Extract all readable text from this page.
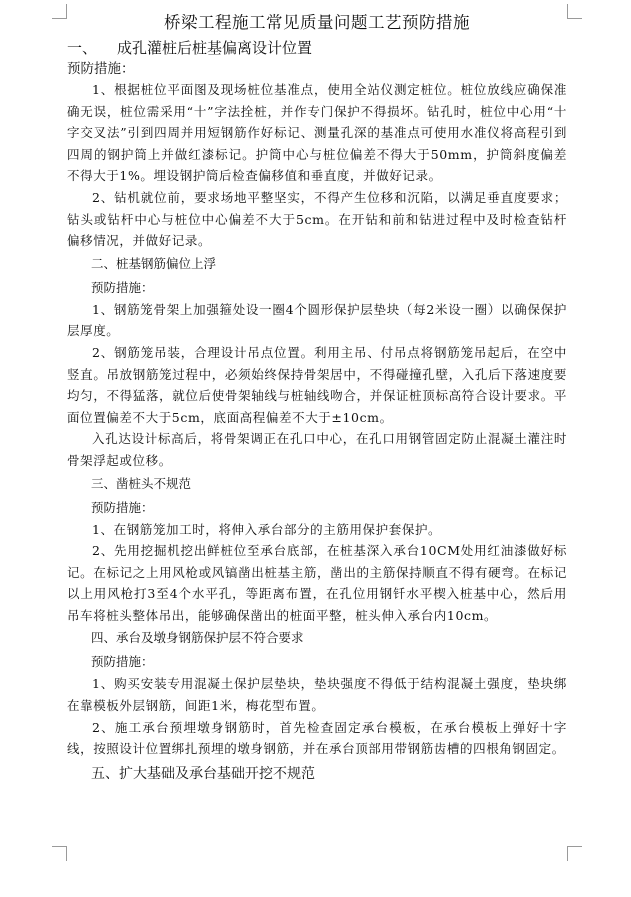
桥梁工程施工常见质量问题工艺预防措施
一、 成孔灌桩后桩基偏离设计位置
预防措施：

1、根据桩位平面图及现场桩位基准点，使用全站仪测定桩位。桩位放线应确保准确无误，桩位需采用“十”字法拴桩，并作专门保护不得损坏。钻孔时，桩位中心用“十字交叉法”引到四周并用短钢筋作好标记、测量孔深的基准点可使用水准仪将高程引到四周的钢护筒上并做红漆标记。护筒中心与桩位偏差不得大于50mm，护筒斜度偏差不得大于1%。埋设钢护筒后检查偏移值和垂直度，并做好记录。

2、钻机就位前，要求场地平整坚实，不得产生位移和沉陷，以满足垂直度要求；钻头或钻杆中心与桩位中心偏差不大于5cm。在开钻和前和钻进过程中及时检查钻杆偏移情况，并做好记录。

二、桩基钢筋偏位上浮
预防措施：

1、钢筋笼骨架上加强箍处设一圈4个圆形保护层垫块（每2米设一圈）以确保保护层厚度。

2、钢筋笼吊装，合理设计吊点位置。利用主吊、付吊点将钢筋笼吊起后，在空中竖直。吊放钢筋笼过程中，必须始终保持骨架居中，不得碰撞孔壁，入孔后下落速度要均匀，不得猛落，就位后使骨架轴线与桩轴线吻合，并保证桩顶标高符合设计要求。平面位置偏差不大于5cm，底面高程偏差不大于±10cm。

入孔达设计标高后，将骨架调正在孔口中心，在孔口用钢管固定防止混凝土灌注时骨架浮起或位移。

三、凿桩头不规范
预防措施：

1、在钢筋笼加工时，将伸入承台部分的主筋用保护套保护。

2、先用挖掘机挖出鲜桩位至承台底部，在桩基深入承台10CM处用红油漆做好标记。在标记之上用风枪或风镐凿出桩基主筋，凿出的主筋保持顺直不得有硬弯。在标记以上用风枪打3至4个水平孔，等距离布置，在孔位用钢钎水平楔入桩基中心，然后用吊车将桩头整体吊出，能够确保凿出的桩面平整，桩头伸入承台内10cm。

四、承台及墩身钢筋保护层不符合要求
预防措施：

1、购买安装专用混凝土保护层垫块，垫块强度不得低于结构混凝土强度，垫块绑在靠模板外层钢筋，间距1米，梅花型布置。

2、施工承台预埋墩身钢筋时，首先检查固定承台模板，在承台模板上弹好十字线，按照设计位置绑扎预埋的墩身钢筋，并在承台顶部用带钢筋齿槽的四根角钢固定。

五、扩大基础及承台基础开挖不规范
